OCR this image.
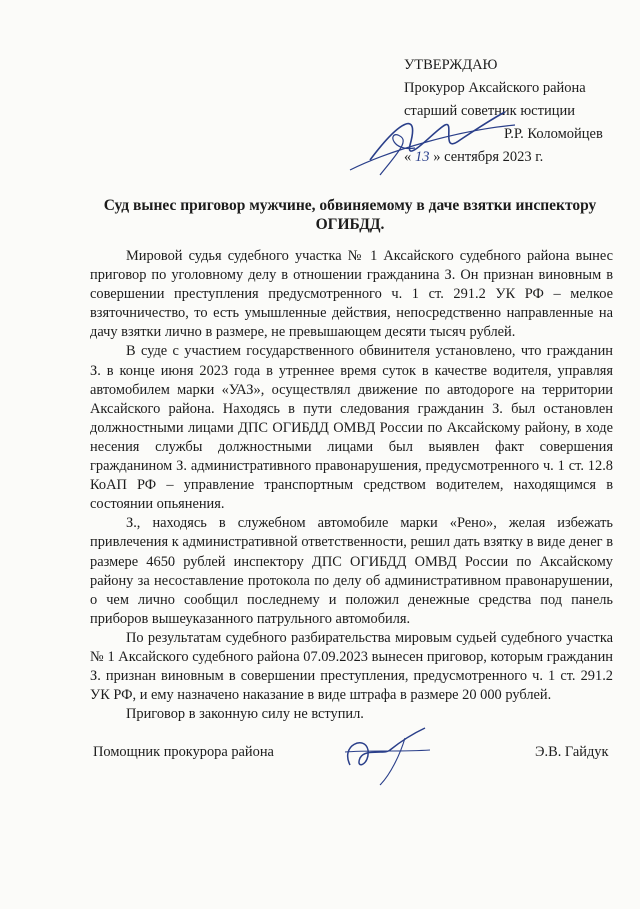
УТВЕРЖДАЮ
Прокурор Аксайского района
старший советник юстиции
Р.Р. Коломойцев
« 13 » сентября 2023 г.
Суд вынес приговор мужчине, обвиняемому в даче взятки инспектору ОГИБДД.

Мировой судья судебного участка № 1 Аксайского судебного района вынес приговор по уголовному делу в отношении гражданина З. Он признан виновным в совершении преступления предусмотренного ч. 1 ст. 291.2 УК РФ – мелкое взяточничество, то есть умышленные действия, непосредственно направленные на дачу взятки лично в размере, не превышающем десяти тысяч рублей.

В суде с участием государственного обвинителя установлено, что гражданин З. в конце июня 2023 года в утреннее время суток в качестве водителя, управляя автомобилем марки «УАЗ», осуществлял движение по автодороге на территории Аксайского района. Находясь в пути следования гражданин З. был остановлен должностными лицами ДПС ОГИБДД ОМВД России по Аксайскому району, в ходе несения службы должностными лицами был выявлен факт совершения гражданином З. административного правонарушения, предусмотренного ч. 1 ст. 12.8 КоАП РФ – управление транспортным средством водителем, находящимся в состоянии опьянения.

З., находясь в служебном автомобиле марки «Рено», желая избежать привлечения к административной ответственности, решил дать взятку в виде денег в размере 4650 рублей инспектору ДПС ОГИБДД ОМВД России по Аксайскому району за несоставление протокола по делу об административном правонарушении, о чем лично сообщил последнему и положил денежные средства под панель приборов вышеуказанного патрульного автомобиля.

По результатам судебного разбирательства мировым судьей судебного участка № 1 Аксайского судебного района 07.09.2023 вынесен приговор, которым гражданин З. признан виновным в совершении преступления, предусмотренного ч. 1 ст. 291.2 УК РФ, и ему назначено наказание в виде штрафа в размере 20 000 рублей.

Приговор в законную силу не вступил.

Помощник прокурора района	Э.В. Гайдук
